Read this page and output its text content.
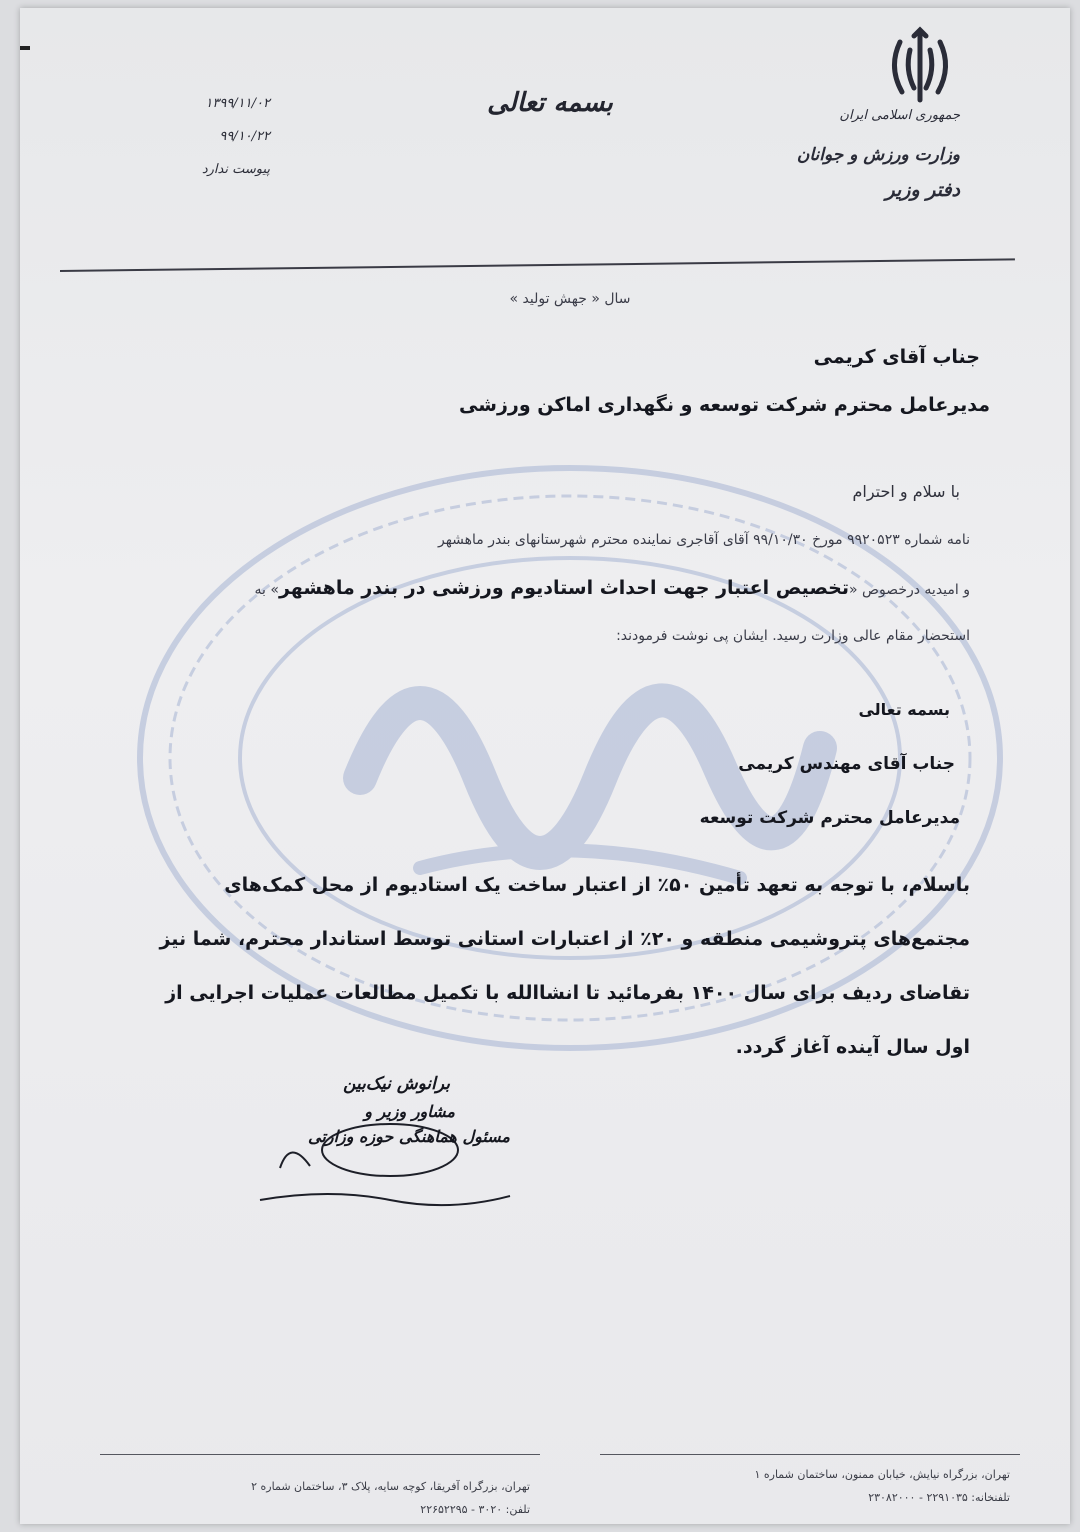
جمهوری اسلامی ایران
وزارت ورزش و جوانان
دفتر وزیر
بسمه تعالی
۱۳۹۹/۱۱/۰۲
۹۹/۱۰/۲۲
پیوست ندارد
سال « جهش تولید »
جناب آقای کریمی
مدیرعامل محترم شرکت توسعه و نگهداری اماکن ورزشی
با سلام و احترام
نامه شماره ۹۹۲۰۵۲۳ مورخ ۹۹/۱۰/۳۰ آقای آقاجری نماینده محترم شهرستانهای بندر ماهشهر
و امیدیه درخصوص «تخصیص اعتبار جهت احداث استادیوم ورزشی در بندر ماهشهر» به
استحضار مقام عالی وزارت رسید. ایشان پی نوشت فرمودند:
بسمه تعالی
جناب آقای مهندس کریمی
مدیرعامل محترم شرکت توسعه
باسلام، با توجه به تعهد تأمین ۵۰٪ از اعتبار ساخت یک استادیوم از محل کمک‌های
مجتمع‌های پتروشیمی منطقه و ۲۰٪ از اعتبارات استانی توسط استاندار محترم، شما نیز
تقاضای ردیف برای سال ۱۴۰۰ بفرمائید تا انشاالله با تکمیل مطالعات عملیات اجرایی از
اول سال آینده آغاز گردد.
برانوش نیک‌بین
مشاور وزیر و
مسئول هماهنگی حوزه وزارتی
تهران، بزرگراه آفریقا، کوچه سایه، پلاک ۳، ساختمان شماره ۲
تلفن: ۳۰۲۰ - ۲۲۶۵۲۲۹۵
تهران، بزرگراه نیایش، خیابان ممنون، ساختمان شماره ۱
تلفنخانه: ۲۲۹۱۰۳۵ - ۲۳۰۸۲۰۰۰
